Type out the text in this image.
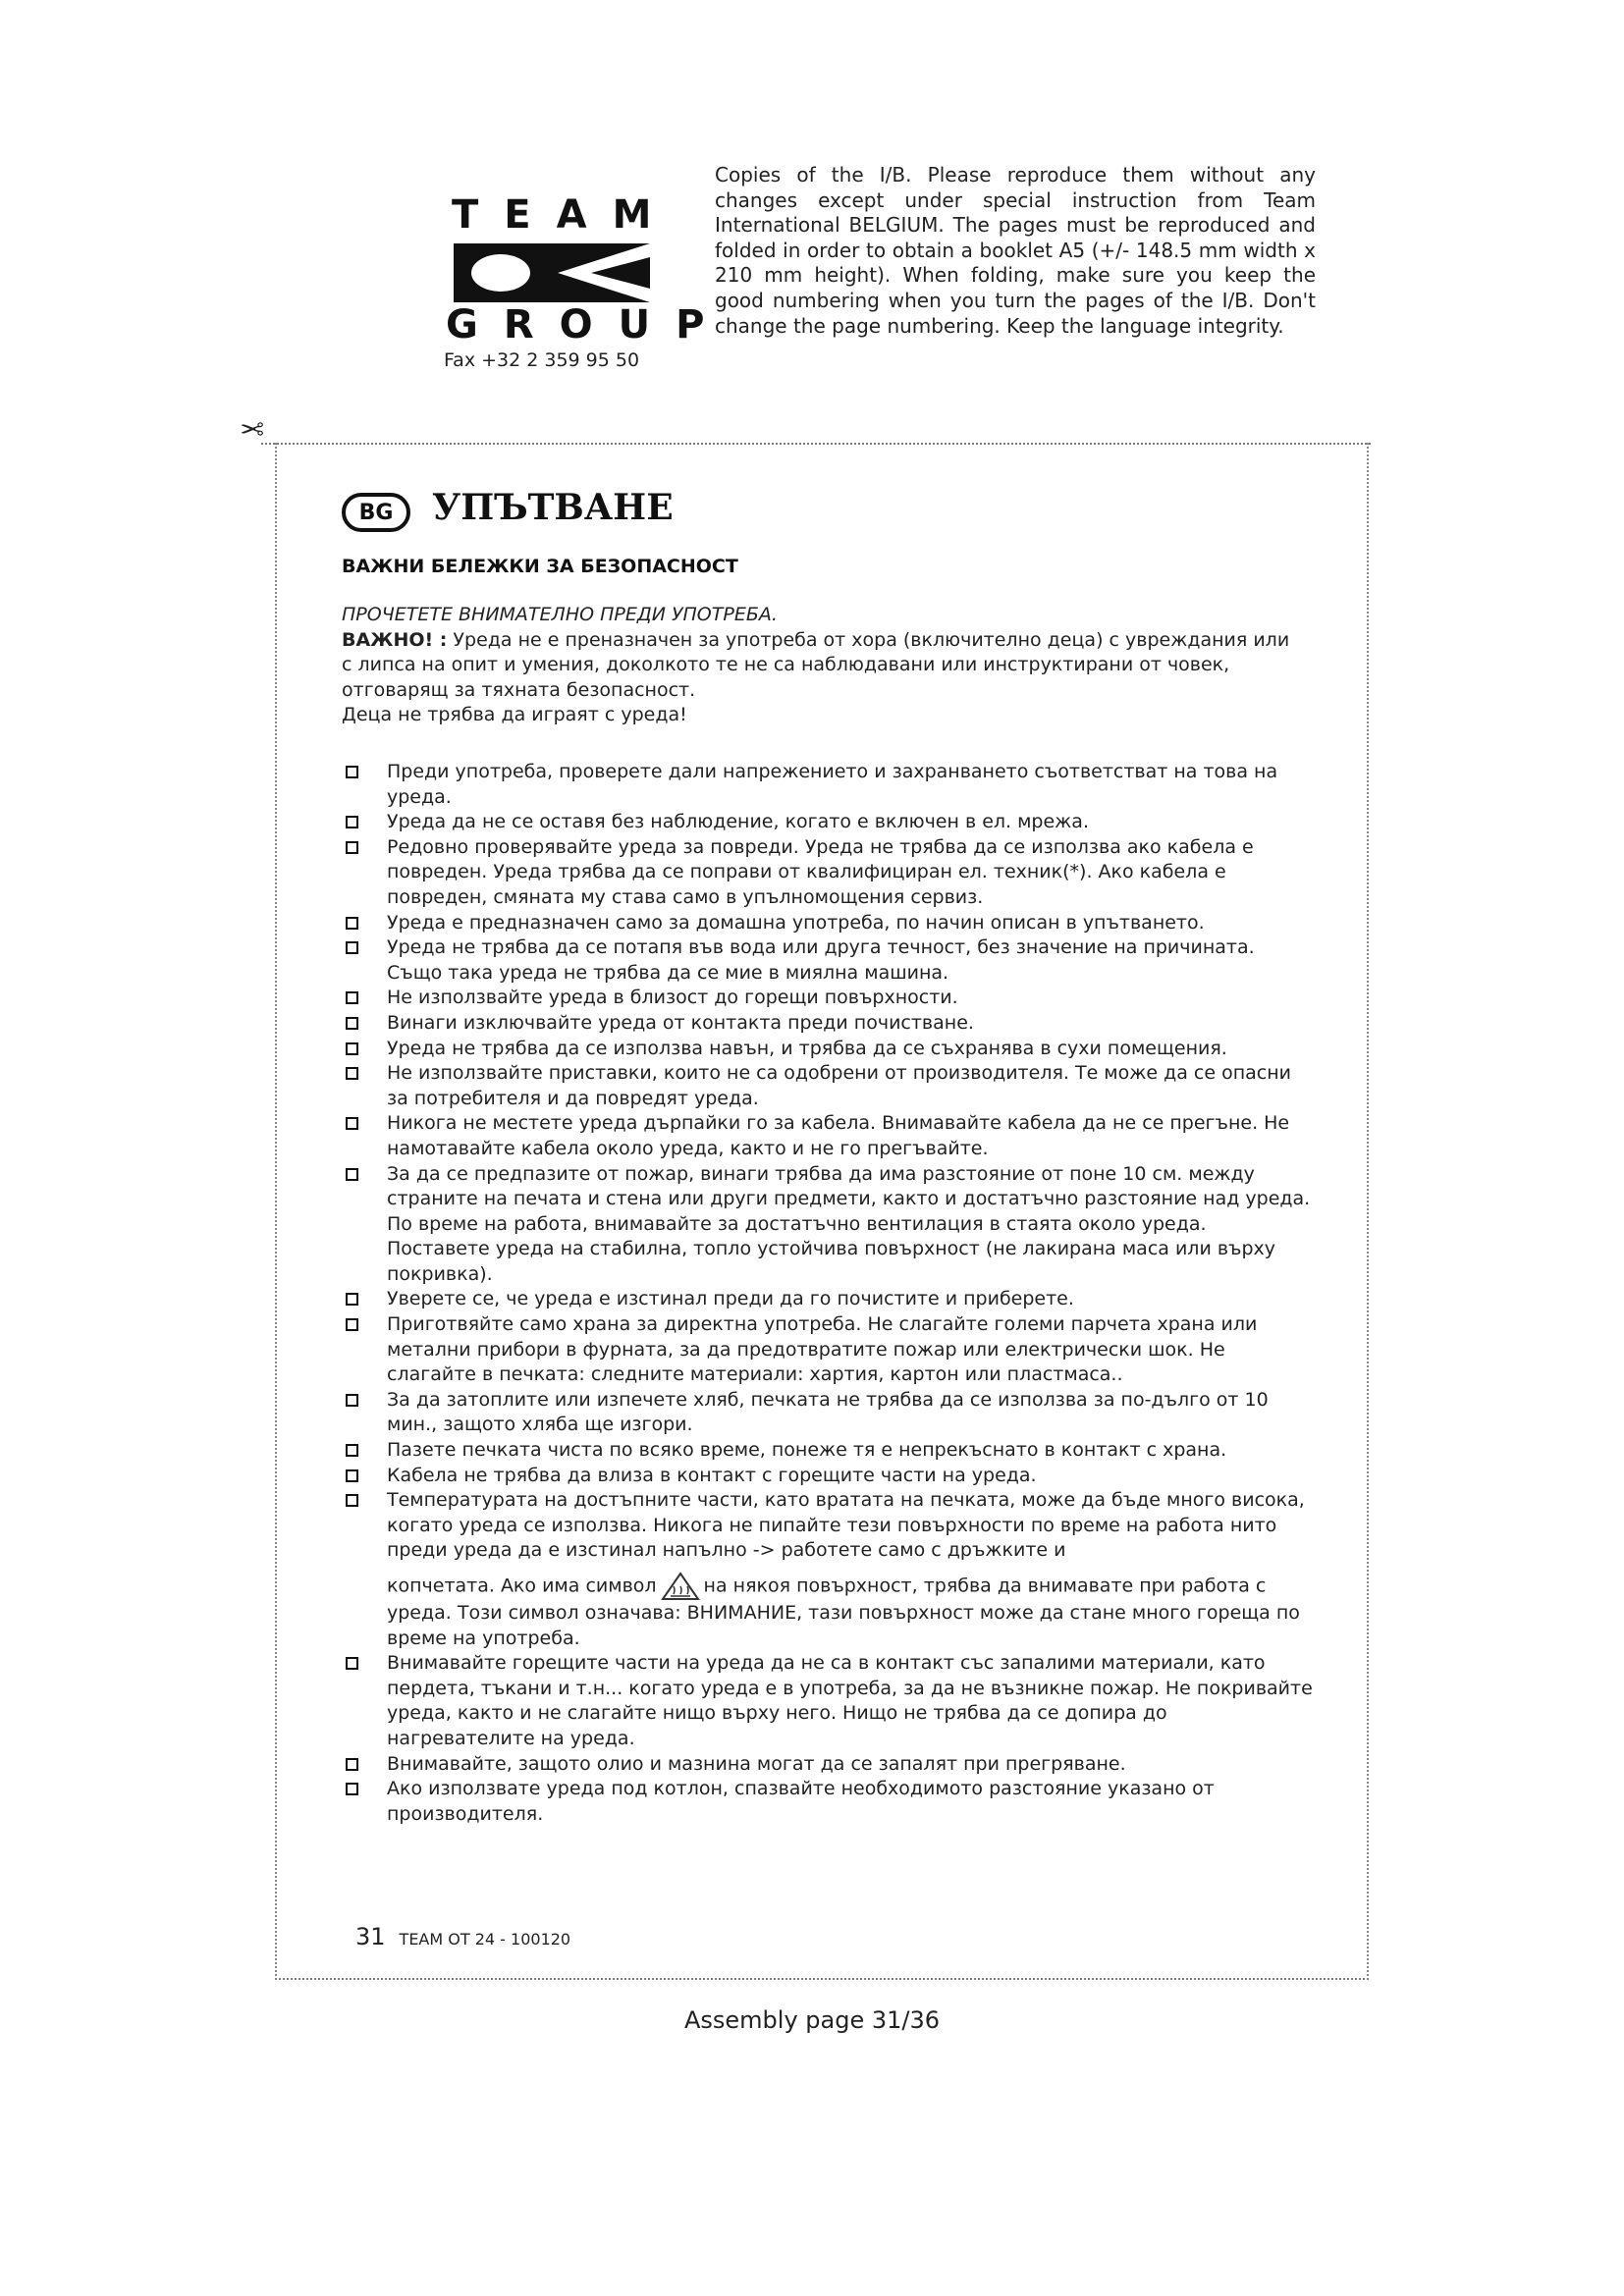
TEAM
GROUP
Fax +32 2 359 95 50

Copies of the I/B. Please reproduce them without any changes except under special instruction from Team International BELGIUM. The pages must be reproduced and folded in order to obtain a booklet A5 (+/- 148.5 mm width x 210 mm height). When folding, make sure you keep the good numbering when you turn the pages of the I/B. Don't change the page numbering. Keep the language integrity.

✂
BG	УПЪТВАНЕ
ВАЖНИ БЕЛЕЖКИ ЗА БЕЗОПАСНОСТ

ПРОЧЕТЕТЕ ВНИМАТЕЛНО ПРЕДИ УПОТРЕБА.

ВАЖНО! : Уреда не е преназначен за употреба от хора (включително деца) с увреждания или с липса на опит и умения, доколкото те не са наблюдавани или инструктирани от човек, отговарящ за тяхната безопасност.

Деца не трябва да играят с уреда!

Преди употреба, проверете дали напрежението и захранването съответстват на това на уреда.
Уреда да не се оставя без наблюдение, когато е включен в ел. мрежа.
Редовно проверявайте уреда за повреди. Уреда не трябва да се използва ако кабела е повреден. Уреда трябва да се поправи от квалифициран ел. техник(*). Ако кабела е повреден, смяната му става само в упълномощения сервиз.
Уреда е предназначен само за домашна употреба, по начин описан в упътването.
Уреда не трябва да се потапя във вода или друга течност, без значение на причината. Също така уреда не трябва да се мие в миялна машина.
Не използвайте уреда в близост до горещи повърхности.
Винаги изключвайте уреда от контакта преди почистване.
Уреда не трябва да се използва навън, и трябва да се съхранява в сухи помещения.
Не използвайте приставки, които не са одобрени от производителя. Те може да се опасни за потребителя и да повредят уреда.
Никога не местете уреда дърпайки го за кабела. Внимавайте кабела да не се прегъне. Не намотавайте кабела около уреда, както и не го прегъвайте.
За да се предпазите от пожар, винаги трябва да има разстояние от поне 10 см. между страните на печата и стена или други предмети, както и достатъчно разстояние над уреда. По време на работа, внимавайте за достатъчно вентилация в стаята около уреда. Поставете уреда на стабилна, топло устойчива повърхност (не лакирана маса или върху покривка).
Уверете се, че уреда е изстинал преди да го почистите и приберете.
Приготвяйте само храна за директна употреба. Не слагайте големи парчета храна или метални прибори в фурната, за да предотвратите пожар или електрически шок. Не слагайте в печката: следните материали: хартия, картон или пластмаса..
За да затоплите или изпечете хляб, печката не трябва да се използва за по-дълго от 10 мин., защото хляба ще изгори.
Пазете печката чиста по всяко време, понеже тя е непрекъснато в контакт с храна.
Кабела не трябва да влиза в контакт с горещите части на уреда.
Температурата на достъпните части, като вратата на печката, може да бъде много висока, когато уреда се използва. Никога не пипайте тези повърхности по време на работа нито преди уреда да е изстинал напълно -> работете само с дръжките и
копчетата. Ако има символ	на някоя повърхност, трябва да внимавате при работа с уреда. Този символ означава: ВНИМАНИЕ, тази повърхност може да стане много гореща по време на употреба.
Внимавайте горещите части на уреда да не са в контакт със запалими материали, като пердета, тъкани и т.н... когато уреда е в употреба, за да не възникне пожар. Не покривайте уреда, както и не слагайте нищо върху него. Нищо не трябва да се допира до нагревателите на уреда.
Внимавайте, защото олио и мазнина могат да се запалят при прегряване.
Ако използвате уреда под котлон, спазвайте необходимото разстояние указано от производителя.
31 TEAM OT 24 - 100120

Assembly page 31/36
